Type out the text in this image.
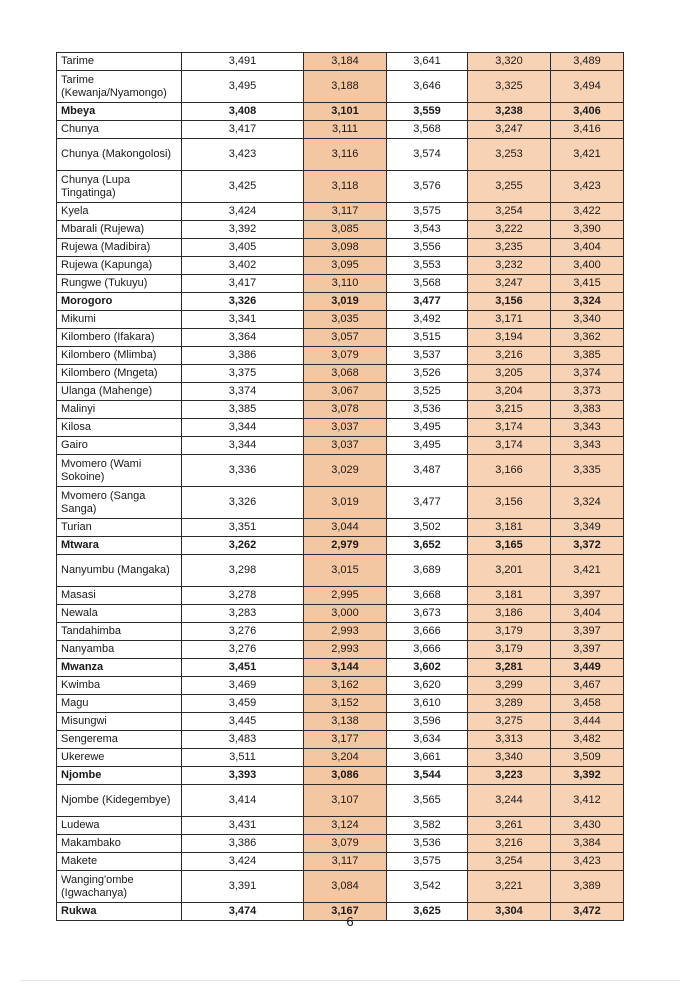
Tarime	3,491	3,184	3,641	3,320	3,489
Tarime (Kewanja/Nyamongo)	3,495	3,188	3,646	3,325	3,494
Mbeya	3,408	3,101	3,559	3,238	3,406
Chunya	3,417	3,111	3,568	3,247	3,416
Chunya (Makongolosi)	3,423	3,116	3,574	3,253	3,421
Chunya (Lupa Tingatinga)	3,425	3,118	3,576	3,255	3,423
Kyela	3,424	3,117	3,575	3,254	3,422
Mbarali (Rujewa)	3,392	3,085	3,543	3,222	3,390
Rujewa (Madibira)	3,405	3,098	3,556	3,235	3,404
Rujewa (Kapunga)	3,402	3,095	3,553	3,232	3,400
Rungwe (Tukuyu)	3,417	3,110	3,568	3,247	3,415
Morogoro	3,326	3,019	3,477	3,156	3,324
Mikumi	3,341	3,035	3,492	3,171	3,340
Kilombero (Ifakara)	3,364	3,057	3,515	3,194	3,362
Kilombero (Mlimba)	3,386	3,079	3,537	3,216	3,385
Kilombero (Mngeta)	3,375	3,068	3,526	3,205	3,374
Ulanga (Mahenge)	3,374	3,067	3,525	3,204	3,373
Malinyi	3,385	3,078	3,536	3,215	3,383
Kilosa	3,344	3,037	3,495	3,174	3,343
Gairo	3,344	3,037	3,495	3,174	3,343
Mvomero (Wami Sokoine)	3,336	3,029	3,487	3,166	3,335
Mvomero (Sanga Sanga)	3,326	3,019	3,477	3,156	3,324
Turian	3,351	3,044	3,502	3,181	3,349
Mtwara	3,262	2,979	3,652	3,165	3,372
Nanyumbu (Mangaka)	3,298	3,015	3,689	3,201	3,421
Masasi	3,278	2,995	3,668	3,181	3,397
Newala	3,283	3,000	3,673	3,186	3,404
Tandahimba	3,276	2,993	3,666	3,179	3,397
Nanyamba	3,276	2,993	3,666	3,179	3,397
Mwanza	3,451	3,144	3,602	3,281	3,449
Kwimba	3,469	3,162	3,620	3,299	3,467
Magu	3,459	3,152	3,610	3,289	3,458
Misungwi	3,445	3,138	3,596	3,275	3,444
Sengerema	3,483	3,177	3,634	3,313	3,482
Ukerewe	3,511	3,204	3,661	3,340	3,509
Njombe	3,393	3,086	3,544	3,223	3,392
Njombe (Kidegembye)	3,414	3,107	3,565	3,244	3,412
Ludewa	3,431	3,124	3,582	3,261	3,430
Makambako	3,386	3,079	3,536	3,216	3,384
Makete	3,424	3,117	3,575	3,254	3,423
Wanging'ombe (Igwachanya)	3,391	3,084	3,542	3,221	3,389
Rukwa	3,474	3,167	3,625	3,304	3,472
6
